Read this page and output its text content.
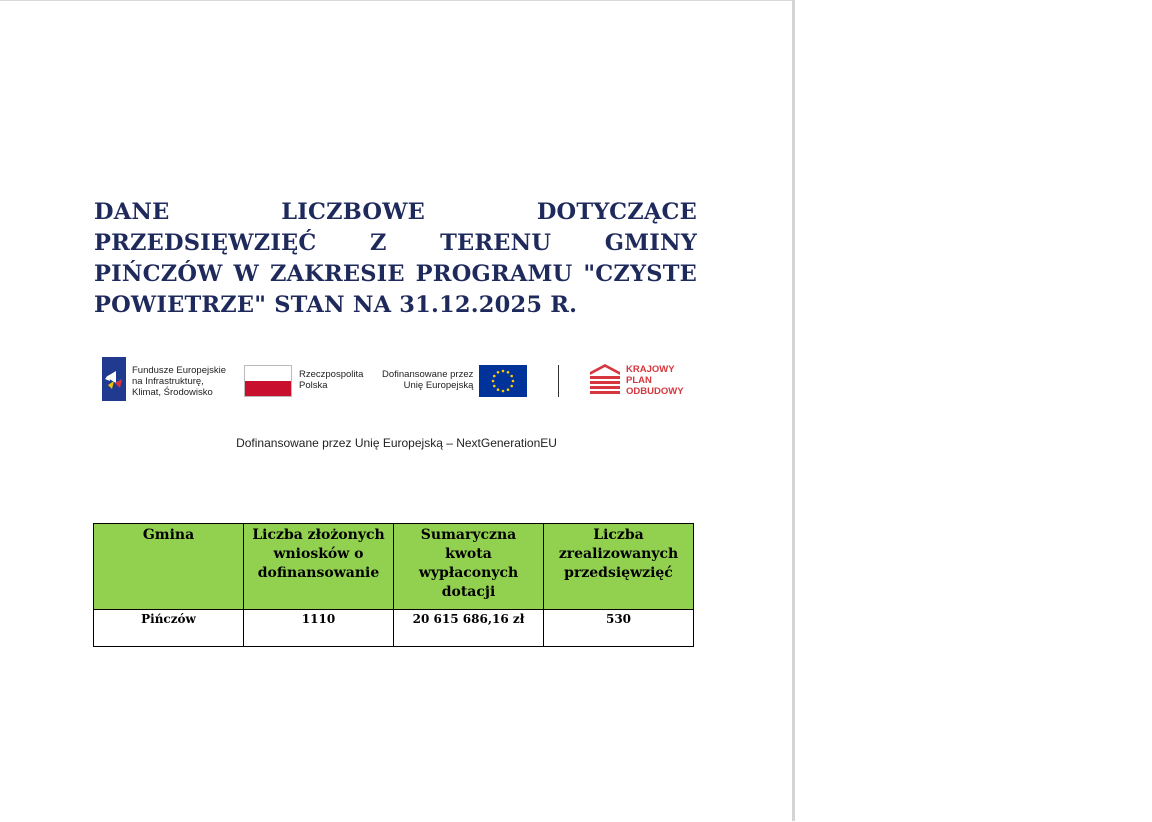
DANE LICZBOWE DOTYCZĄCE PRZEDSIĘWZIĘĆ Z TERENU GMINY PIŃCZÓW W ZAKRESIE PROGRAMU "CZYSTE POWIETRZE" STAN NA 31.12.2025 R.
Fundusze Europejskie
na Infrastrukturę,
Klimat, Środowisko
Rzeczpospolita
Polska
Dofinansowane przez
Unię Europejską
KRAJOWY
PLAN
ODBUDOWY
Dofinansowane przez Unię Europejską – NextGenerationEU
Gmina	Liczba złożonych wniosków o dofinansowanie	Sumaryczna kwota wypłaconych dotacji	Liczba zrealizowanych przedsięwzięć
Pińczów	1110	20 615 686,16 zł	530
